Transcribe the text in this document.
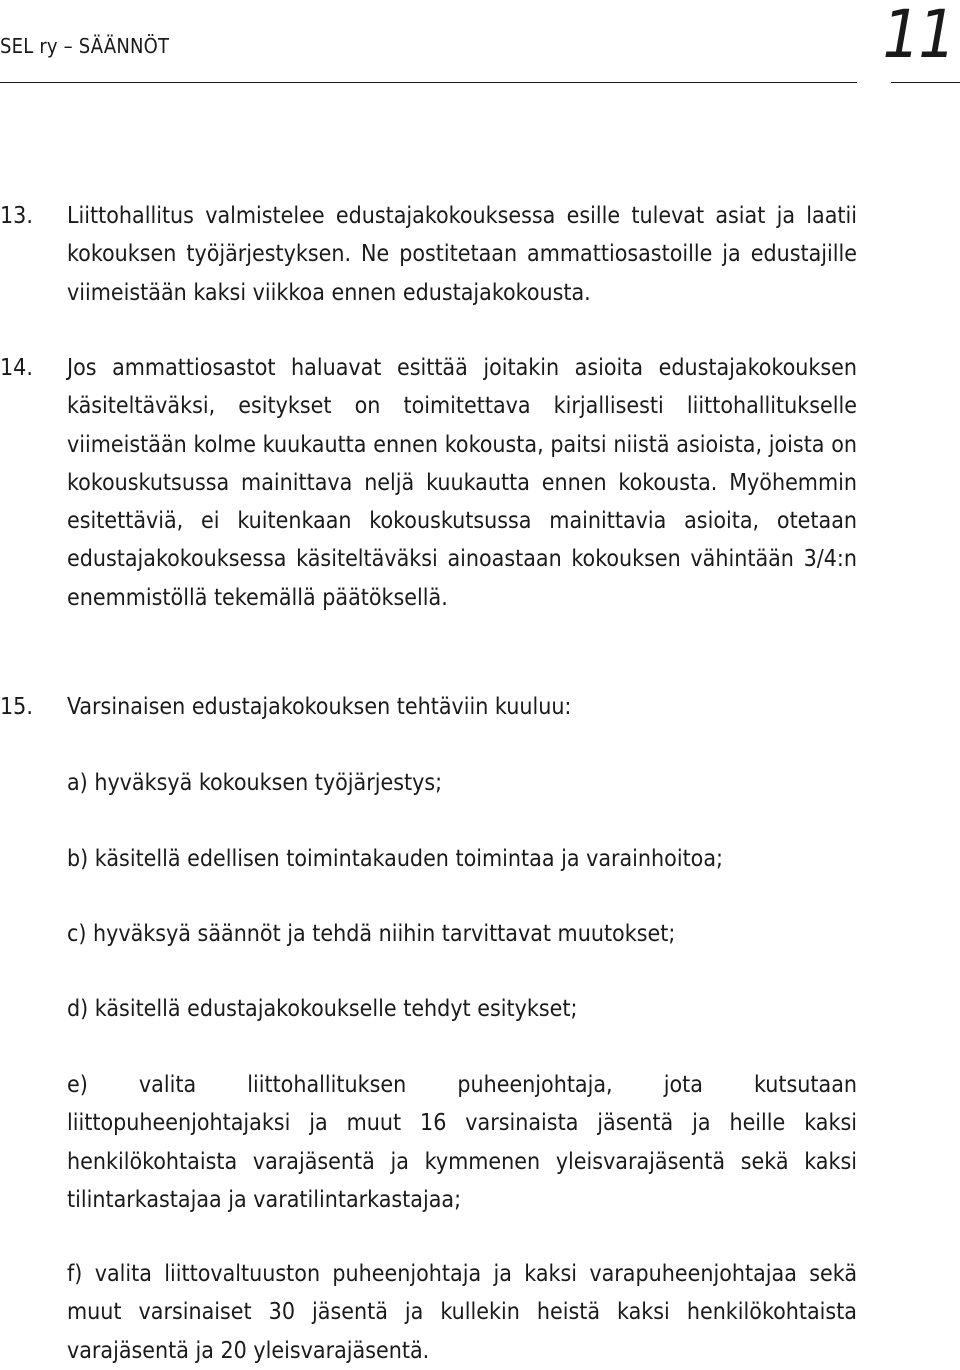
SEL ry – SÄÄNNÖT	11
13. Liittohallitus valmistelee edustajakokouksessa esille tulevat asiat ja laatii kokouksen työjärjestyksen. Ne postitetaan ammattiosastoille ja edustajille viimeistään kaksi viikkoa ennen edustajakokousta.
14. Jos ammattiosastot haluavat esittää joitakin asioita edustajakokouksen käsiteltäväksi, esitykset on toimitettava kirjallisesti liittohallitukselle viimeistään kolme kuukautta ennen kokousta, paitsi niistä asioista, joista on kokouskutsussa mainittava neljä kuukautta ennen kokousta. Myöhemmin esitettäviä, ei kuitenkaan kokouskutsussa mainittavia asioita, otetaan edustajakokouksessa käsiteltäväksi ainoastaan kokouksen vähintään 3/4:n enemmistöllä tekemällä päätöksellä.
15. Varsinaisen edustajakokouksen tehtäviin kuuluu:
a) hyväksyä kokouksen työjärjestys;
b) käsitellä edellisen toimintakauden toimintaa ja varainhoitoa;
c) hyväksyä säännöt ja tehdä niihin tarvittavat muutokset;
d) käsitellä edustajakokoukselle tehdyt esitykset;
e) valita liittohallituksen puheenjohtaja, jota kutsutaan liittopuheenjohtajaksi ja muut 16 varsinaista jäsentä ja heille kaksi henkilökohtaista varajäsentä ja kymmenen yleisvarajäsentä sekä kaksi tilintarkastajaa ja varatilintarkastajaa;
f) valita liittovaltuuston puheenjohtaja ja kaksi varapuheenjohtajaa sekä muut varsinaiset 30 jäsentä ja kullekin heistä kaksi henkilökohtaista varajäsentä ja 20 yleisvarajäsentä.
